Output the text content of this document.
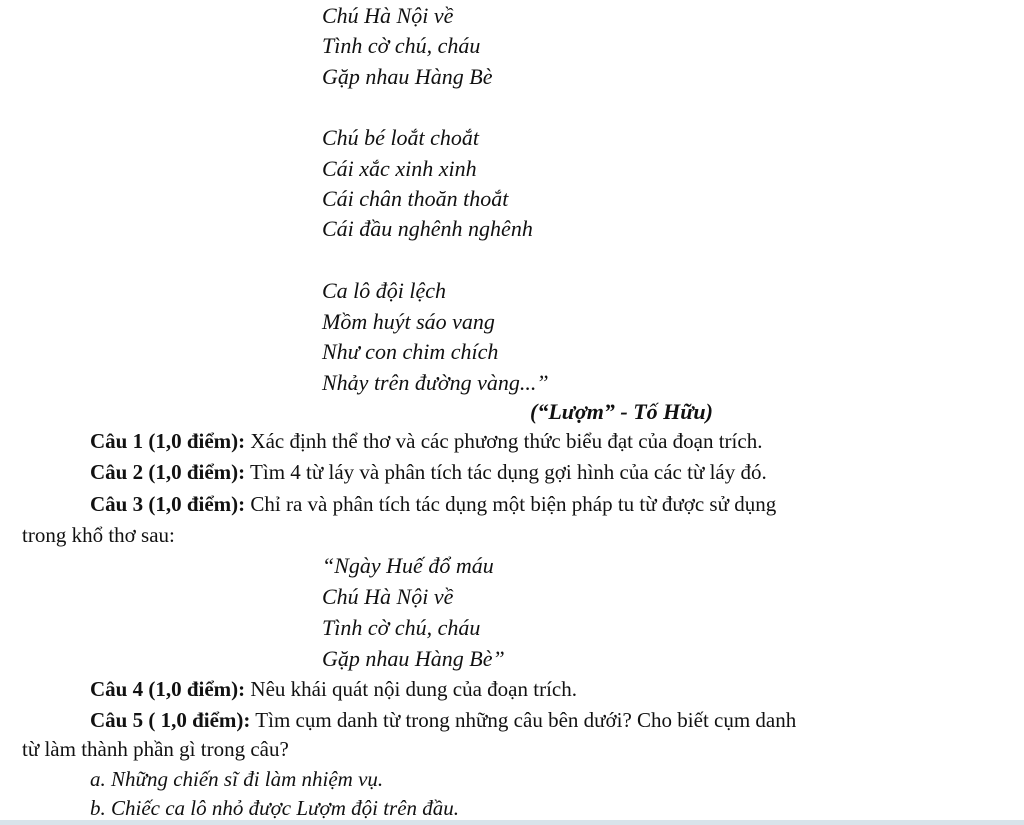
Chú Hà Nội về
Tình cờ chú, cháu
Gặp nhau Hàng Bè
Chú bé loắt choắt
Cái xắc xinh xinh
Cái chân thoăn thoắt
Cái đầu nghênh nghênh
Ca lô đội lệch
Mồm huýt sáo vang
Như con chim chích
Nhảy trên đường vàng...”
(“Lượm” - Tố Hữu)
Câu 1 (1,0 điểm): Xác định thể thơ và các phương thức biểu đạt của đoạn trích.
Câu 2 (1,0 điểm): Tìm 4 từ láy và phân tích tác dụng gợi hình của các từ láy đó.
Câu 3 (1,0 điểm): Chỉ ra và phân tích tác dụng một biện pháp tu từ được sử dụng
trong khổ thơ sau:
“Ngày Huế đổ máu
Chú Hà Nội về
Tình cờ chú, cháu
Gặp nhau Hàng Bè”
Câu 4 (1,0 điểm): Nêu khái quát nội dung của đoạn trích.
Câu 5 ( 1,0 điểm): Tìm cụm danh từ trong những câu bên dưới? Cho biết cụm danh
từ làm thành phần gì trong câu?
a. Những chiến sĩ đi làm nhiệm vụ.
b. Chiếc ca lô nhỏ được Lượm đội trên đầu.
